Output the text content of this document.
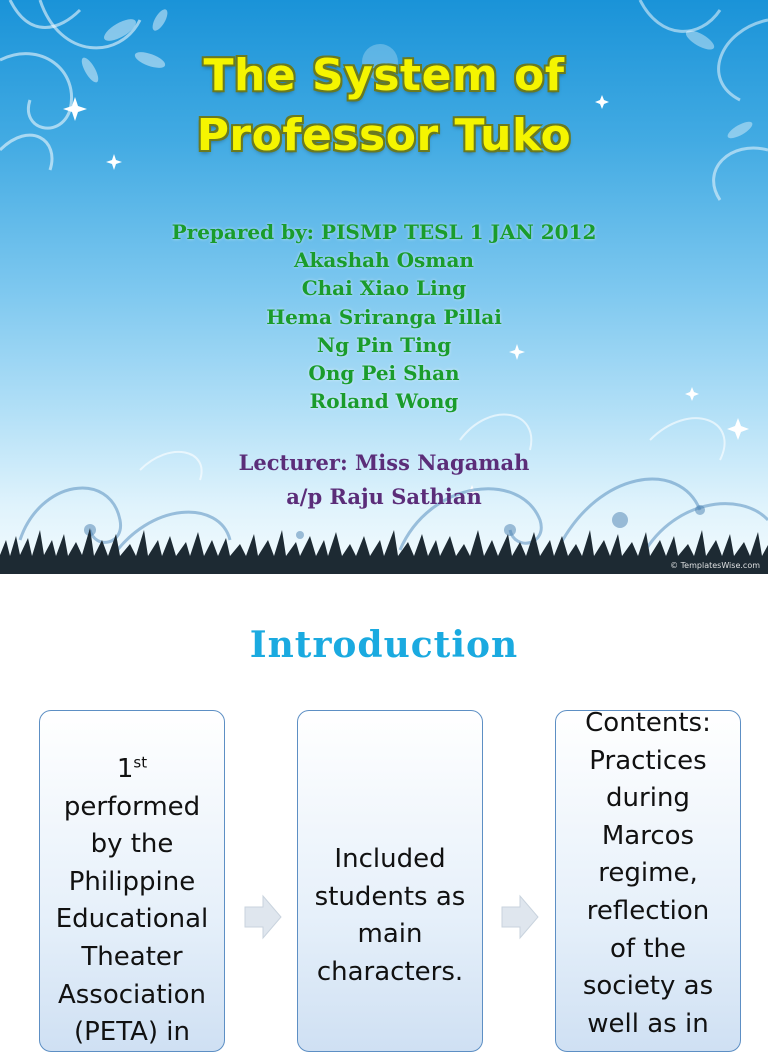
The System of
Professor Tuko
Prepared by: PISMP TESL 1 JAN 2012
Akashah Osman
Chai Xiao Ling
Hema Sriranga Pillai
Ng Pin Ting
Ong Pei Shan
Roland Wong
Lecturer: Miss Nagamah
a/p Raju Sathian
© TemplatesWise.com
Introduction
1st
performed
by the
Philippine
Educational
Theater
Association
(PETA) in
Included
students as
main
characters.
Contents:
Practices
during
Marcos
regime,
reflection
of the
society as
well as in
